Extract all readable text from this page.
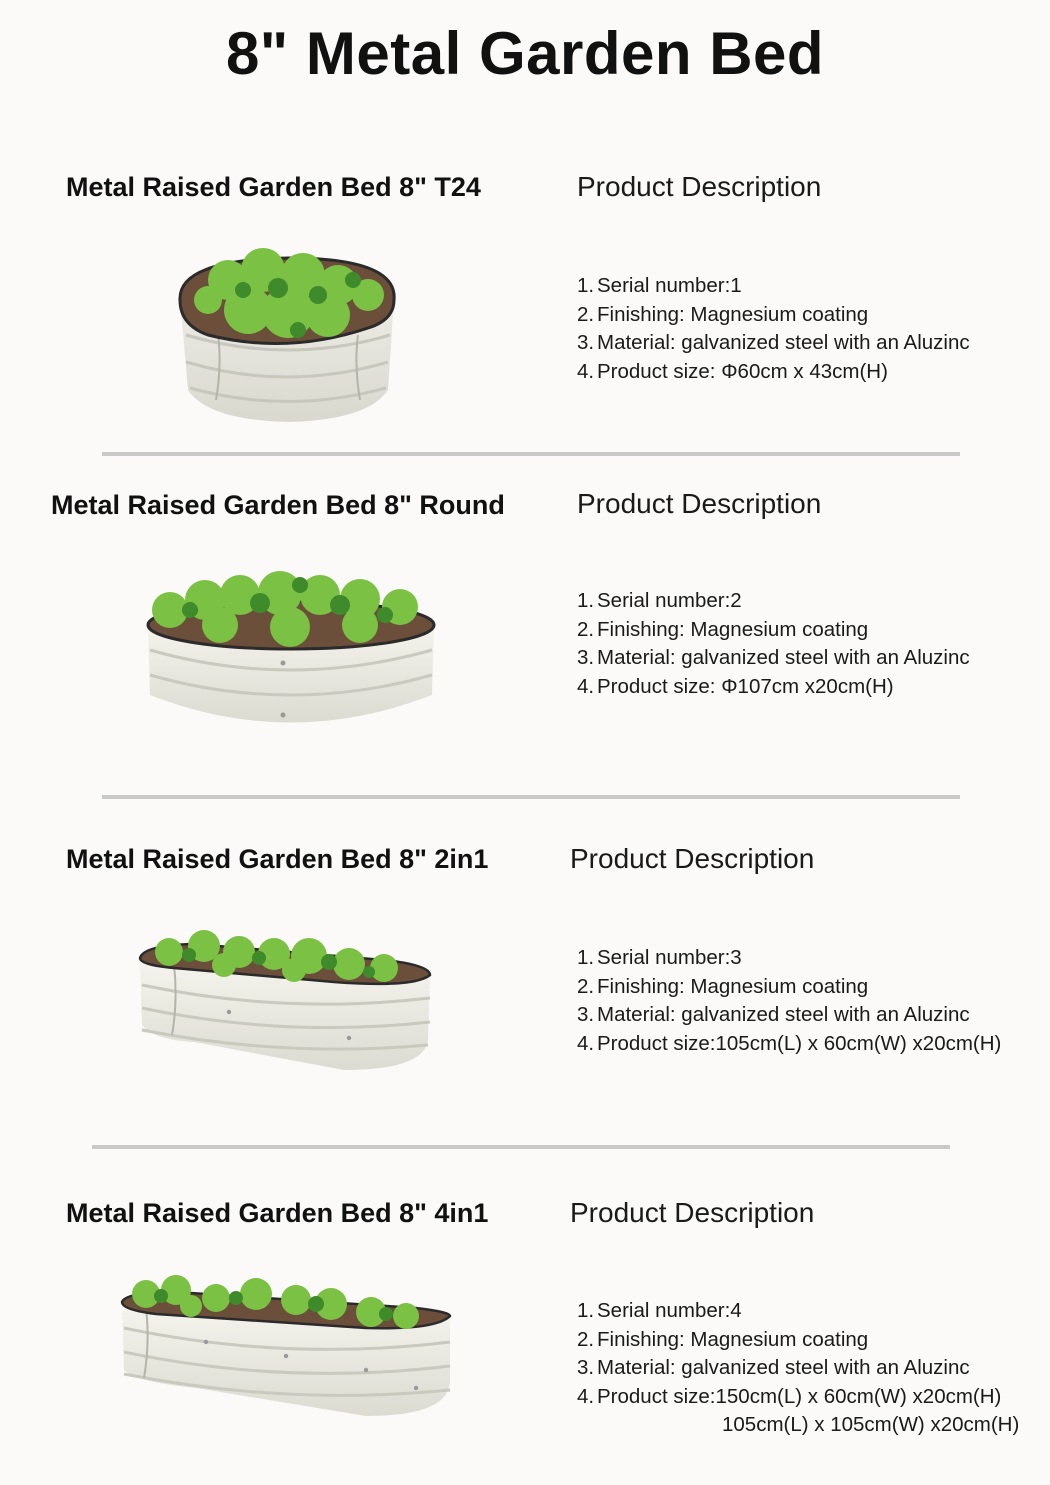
8" Metal Garden Bed
Metal Raised Garden Bed 8" T24	Product Description
1. Serial number:1
2. Finishing: Magnesium coating
3. Material: galvanized steel with an Aluzinc
4. Product size: Φ60cm x 43cm(H)
Metal Raised Garden Bed 8" Round	Product Description
1. Serial number:2
2. Finishing: Magnesium coating
3. Material: galvanized steel with an Aluzinc
4. Product size: Φ107cm x20cm(H)
Metal Raised Garden Bed 8" 2in1	Product Description
1. Serial number:3
2. Finishing: Magnesium coating
3. Material: galvanized steel with an Aluzinc
4. Product size:105cm(L) x 60cm(W) x20cm(H)
Metal Raised Garden Bed 8" 4in1	Product Description
1. Serial number:4
2. Finishing: Magnesium coating
3. Material: galvanized steel with an Aluzinc
4. Product size:150cm(L) x 60cm(W) x20cm(H)
105cm(L) x 105cm(W) x20cm(H)
